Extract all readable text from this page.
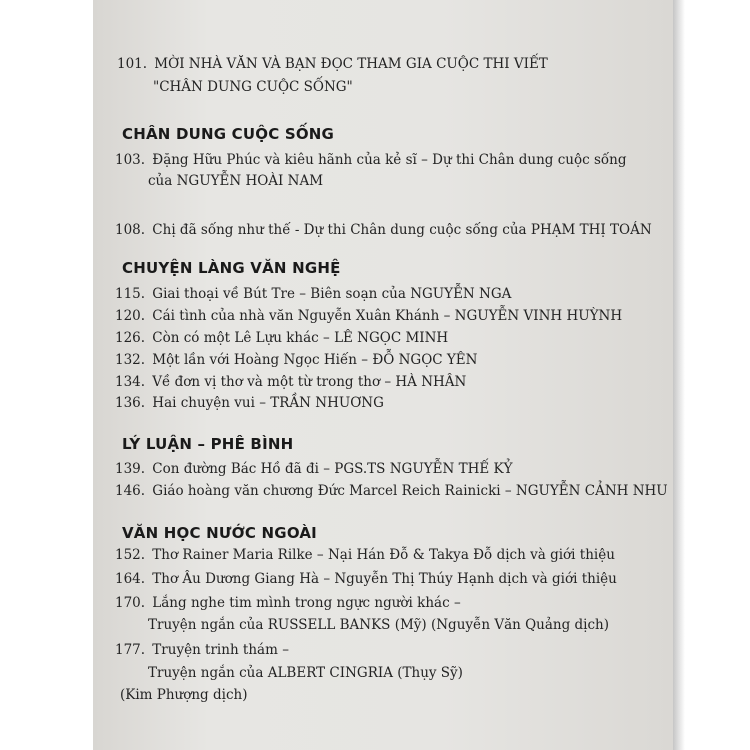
101. MỜI NHÀ VĂN VÀ BẠN ĐỌC THAM GIA CUỘC THI VIẾT
"CHÂN DUNG CUỘC SỐNG"
CHÂN DUNG CUỘC SỐNG
103. Đặng Hữu Phúc và kiêu hãnh của kẻ sĩ – Dự thi Chân dung cuộc sống
của NGUYỄN HOÀI NAM
108. Chị đã sống như thế - Dự thi Chân dung cuộc sống của PHẠM THỊ TOÁN
CHUYỆN LÀNG VĂN NGHỆ
115. Giai thoại về Bút Tre – Biên soạn của NGUYỄN NGA
120. Cái tình của nhà văn Nguyễn Xuân Khánh – NGUYỄN VINH HUỲNH
126. Còn có một Lê Lựu khác – LÊ NGỌC MINH
132. Một lần với Hoàng Ngọc Hiến – ĐỖ NGỌC YÊN
134. Về đơn vị thơ và một từ trong thơ – HÀ NHÂN
136. Hai chuyện vui – TRẦN NHUƠNG
LÝ LUẬN – PHÊ BÌNH
139. Con đường Bác Hồ đã đi – PGS.TS NGUYỄN THẾ KỶ
146. Giáo hoàng văn chương Đức Marcel Reich Rainicki – NGUYỄN CẢNH NHU
VĂN HỌC NƯỚC NGOÀI
152. Thơ Rainer Maria Rilke – Nại Hán Đỗ & Takya Đỗ dịch và giới thiệu
164. Thơ Âu Dương Giang Hà – Nguyễn Thị Thúy Hạnh dịch và giới thiệu
170. Lắng nghe tim mình trong ngực người khác –
Truyện ngắn của RUSSELL BANKS (Mỹ) (Nguyễn Văn Quảng dịch)
177. Truyện trinh thám –
Truyện ngắn của ALBERT CINGRIA (Thụy Sỹ)
(Kim Phượng dịch)
